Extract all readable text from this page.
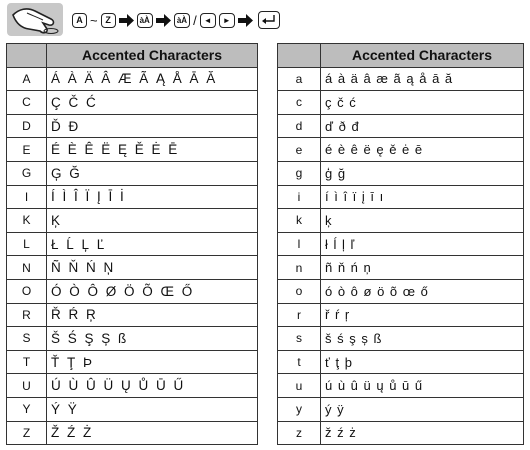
A ~ Z	àÀ	àÀ / ◄	►
	Accented Characters
A	Á À Ä Â Æ Ã Ą Å Ā Ă
C	Ç Č Ć
D	Ď Đ
E	É È Ê Ë Ę Ě Ė Ē
G	Ģ Ğ
I	Í Ì Î Ï Į Ī İ
K	Ķ
L	Ł Ĺ Ļ Ľ
N	Ñ Ň Ń Ņ
O	Ó Ò Ô Ø Ö Õ Œ Ő
R	Ř Ŕ Ŗ
S	Š Ś Ş Ș ß
T	Ť Ţ Þ
U	Ú Ù Û Ü Ų Ů Ū Ű
Y	Ý Ÿ
Z	Ž Ź Ż
	Accented Characters
a	á à ä â æ ã ą å ā ă
c	ç č ć
d	ď ð đ
e	é è ê ë ę ě ė ē
g	ģ ğ
i	í ì î ï į ī ı
k	ķ
l	ł ĺ ļ ľ
n	ñ ň ń ņ
o	ó ò ô ø ö õ œ ő
r	ř ŕ ŗ
s	š ś ş ș ß
t	ť ţ þ
u	ú ù û ü ų ů ū ű
y	ý ÿ
z	ž ź ż
